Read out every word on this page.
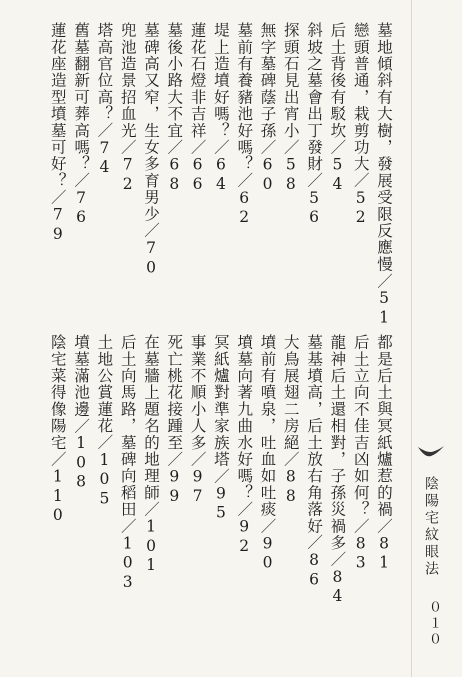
墓地傾斜有大樹，發展受限反應慢／51
戀頭普通，栽剪功大／52
后土背後有駁坎／54
斜坡之墓會出丁發財／56
探頭石見出宵小／58
無字墓碑蔭子孫／60
墓前有養豬池好嗎？／62
堤上造墳好嗎？／64
蓮花石燈非吉祥／66
墓後小路大不宜／68
墓碑高又窄，生女多育男少／70
兜池造景招血光／72
塔高官位高？／74
舊墓翻新可葬高嗎？／76
蓮花座造型墳墓可好？／79
都是后土與冥紙爐惹的禍／81
后土立向不佳吉凶如何？／83
龍神后土還相對，子孫災禍多／84
墓基墳高，后土放右角落好／86
大鳥展翅二房絕／88
墳前有噴泉，吐血如吐痰／90
墳墓向著九曲水好嗎？／92
冥紙爐對準家族塔／95
事業不順小人多／97
死亡桃花接踵至／99
在墓牆上題名的地理師／101
后土向馬路，墓碑向稻田／103
土地公賞蓮花／105
墳墓滿池邊／108
陰宅菜得像陽宅／110	陰陽宅紋眼法
０１０
